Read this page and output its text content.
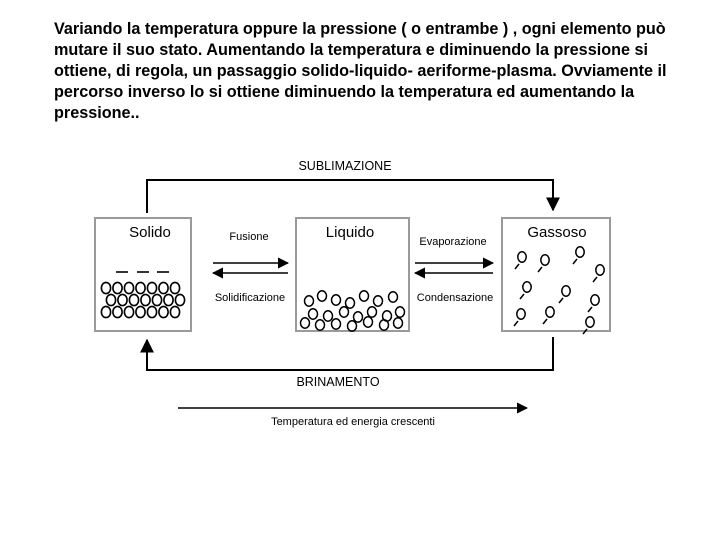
Variando la temperatura oppure la pressione ( o entrambe ) , ogni elemento può mutare il suo stato. Aumentando la temperatura e diminuendo la pressione si ottiene, di regola, un passaggio solido-liquido- aeriforme-plasma. Ovviamente il percorso inverso lo si ottiene diminuendo la temperatura ed aumentando la pressione..

Solido	Liquido	Gassoso
SUBLIMAZIONE
Fusione
Solidificazione
Evaporazione
Condensazione
BRINAMENTO
Temperatura ed energia crescenti
